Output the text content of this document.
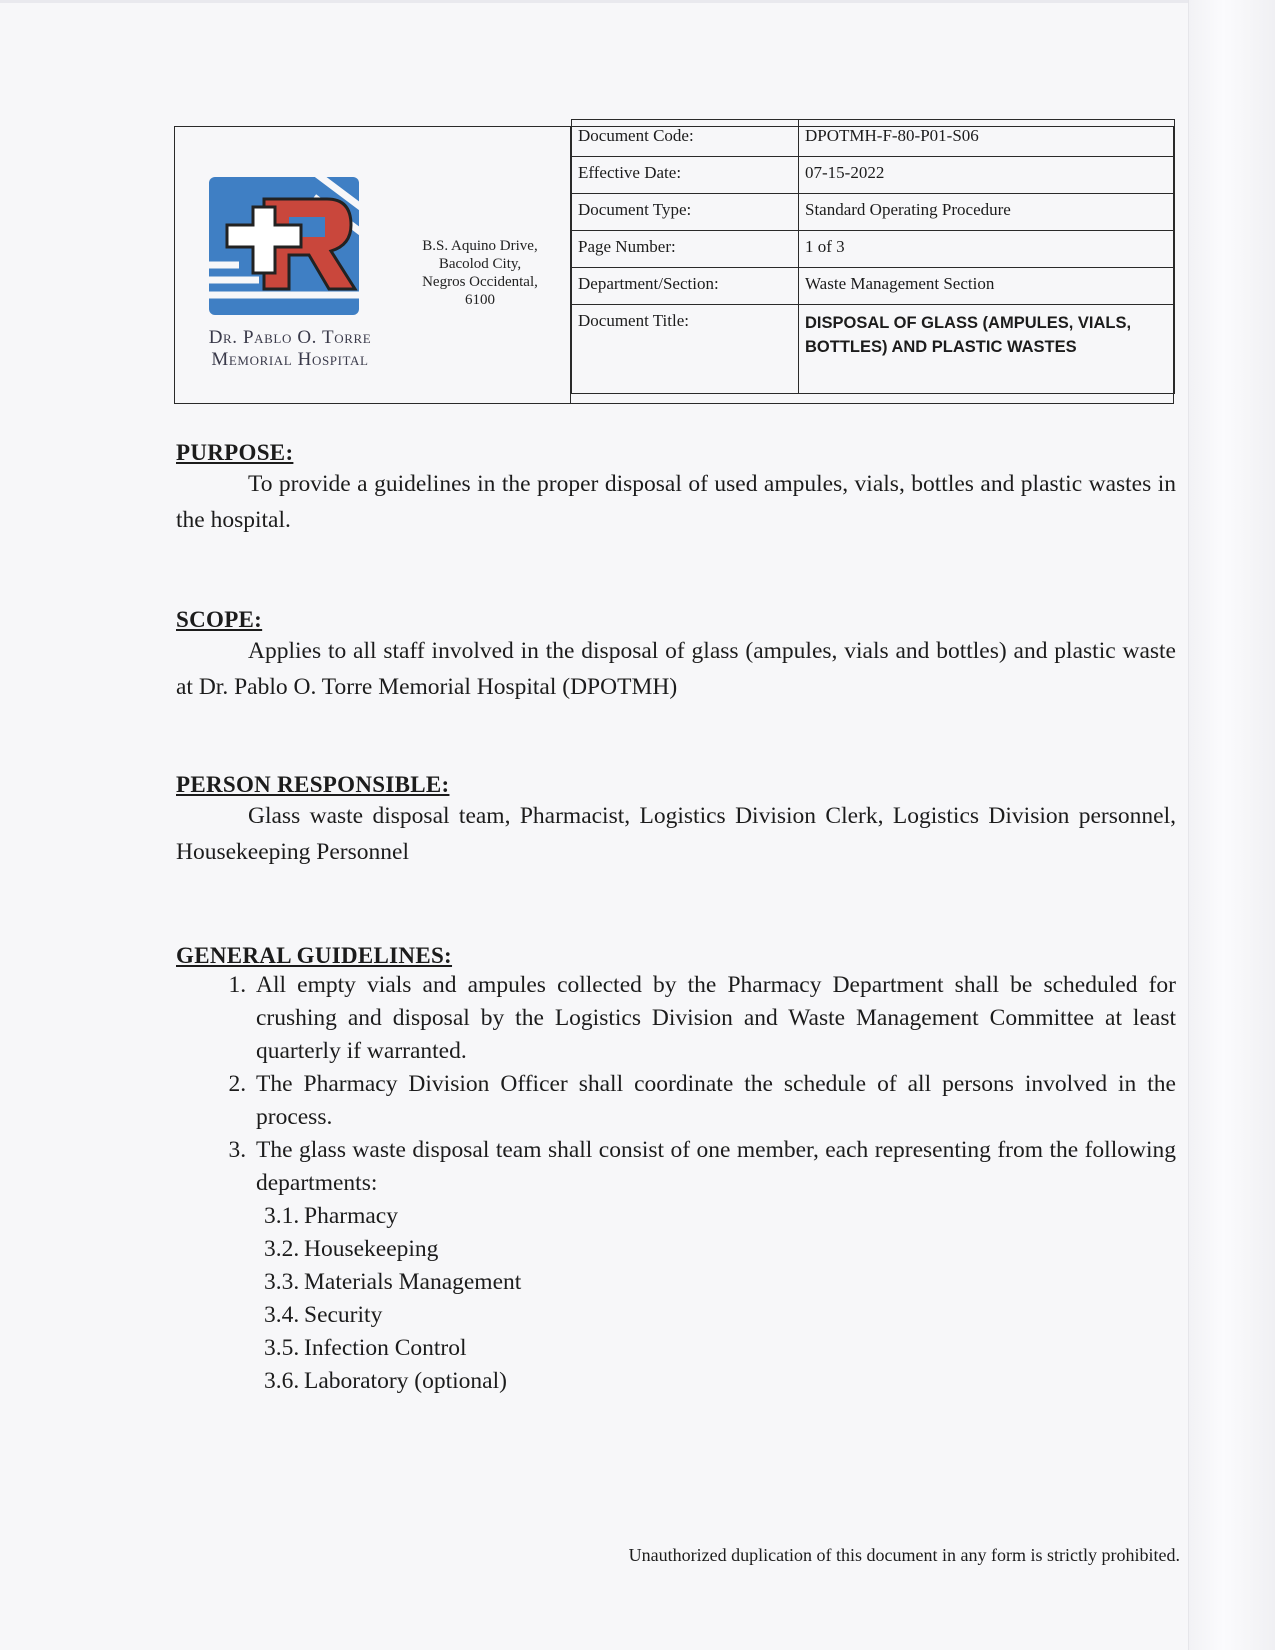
Dr. Pablo O. Torre
Memorial Hospital
B.S. Aquino Drive,
Bacolod City,
Negros Occidental,
6100
Document Code:	DPOTMH-F-80-P01-S06
Effective Date:	07-15-2022
Document Type:	Standard Operating Procedure
Page Number:	1 of 3
Department/Section:	Waste Management Section
Document Title:	DISPOSAL OF GLASS (AMPULES, VIALS, BOTTLES) AND PLASTIC WASTES
PURPOSE:

To provide a guidelines in the proper disposal of used ampules, vials, bottles and plastic wastes in the hospital.

SCOPE:

Applies to all staff involved in the disposal of glass (ampules, vials and bottles) and plastic waste at Dr. Pablo O. Torre Memorial Hospital (DPOTMH)

PERSON RESPONSIBLE:

Glass waste disposal team, Pharmacist, Logistics Division Clerk, Logistics Division personnel, Housekeeping Personnel

GENERAL GUIDELINES:
1. All empty vials and ampules collected by the Pharmacy Department shall be scheduled for crushing and disposal by the Logistics Division and Waste Management Committee at least quarterly if warranted.
2. The Pharmacy Division Officer shall coordinate the schedule of all persons involved in the process.
3. The glass waste disposal team shall consist of one member, each representing from the following departments:
3.1. Pharmacy
3.2. Housekeeping
3.3. Materials Management
3.4. Security
3.5. Infection Control
3.6. Laboratory (optional)
Unauthorized duplication of this document in any form is strictly prohibited.
